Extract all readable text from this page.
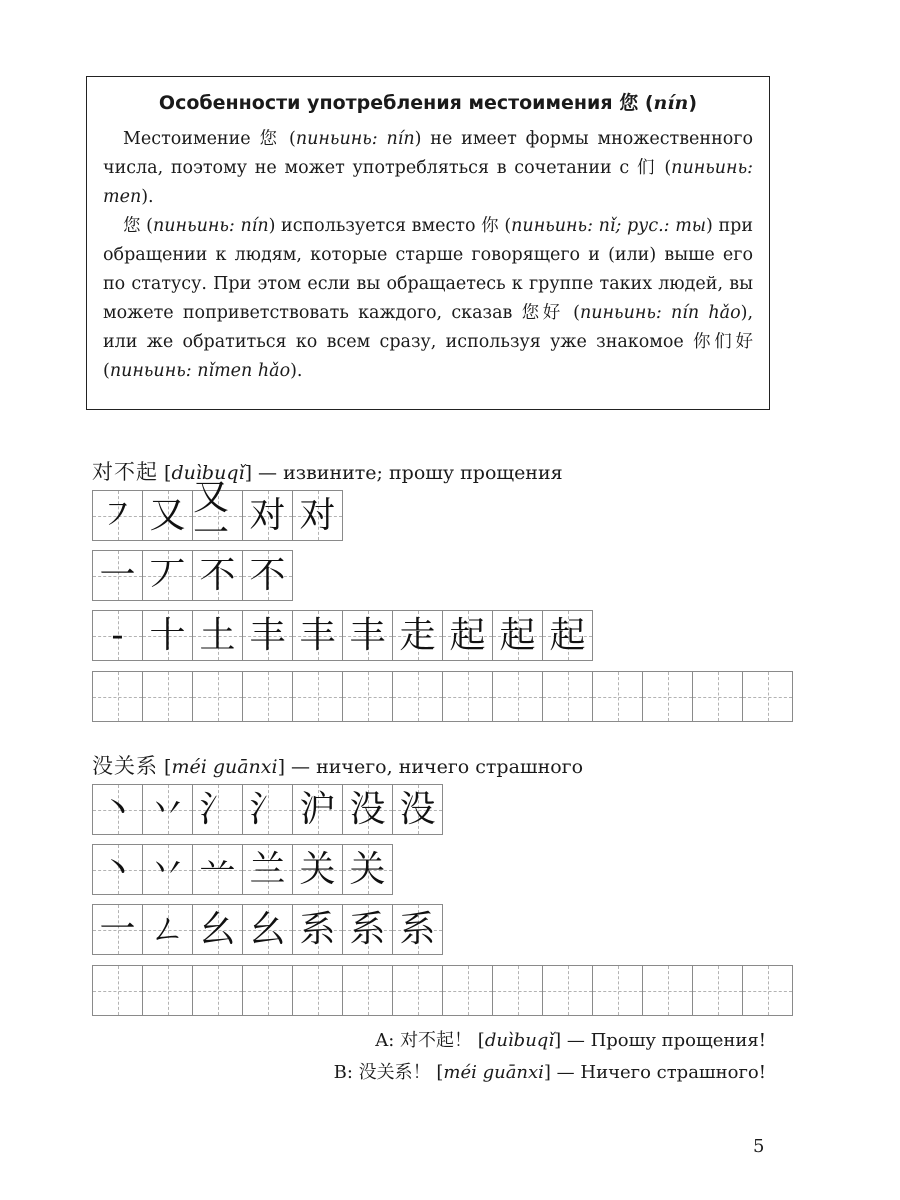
Особенности употребления местоимения 您 (nín)

Местоимение 您 (пиньинь: nín) не имеет формы множественного числа, поэтому не может употребляться в сочетании с 们 (пиньинь: men).

您 (пиньинь: nín) используется вместо 你 (пиньинь: nǐ; рус.: ты) при обращении к людям, которые старше говорящего и (или) выше его по статусу. При этом если вы обращаетесь к группе таких людей, вы можете поприветствовать каждого, сказав 您好 (пиньинь: nín hǎo), или же обратиться ко всем сразу, используя уже знакомое 你们好 (пиньинь: nǐmen hǎo).

对不起 [duìbuqǐ] — извините; прошу прощения
㇇ 又 又一 对 对
一 丆 不 不
- 十 土 丰 丰 丰 走 起 起 起
没关系 [méi guānxi] — ничего, ничего страшного
丶 丷 氵 氵 沪 没 没
丶 丷 䒑 兰 关 关
一 ㄥ 幺 幺 系 系 系
A: 对不起！ [duìbuqǐ] — Прошу прощения!
B: 没关系！ [méi guānxi] — Ничего страшного!
5
